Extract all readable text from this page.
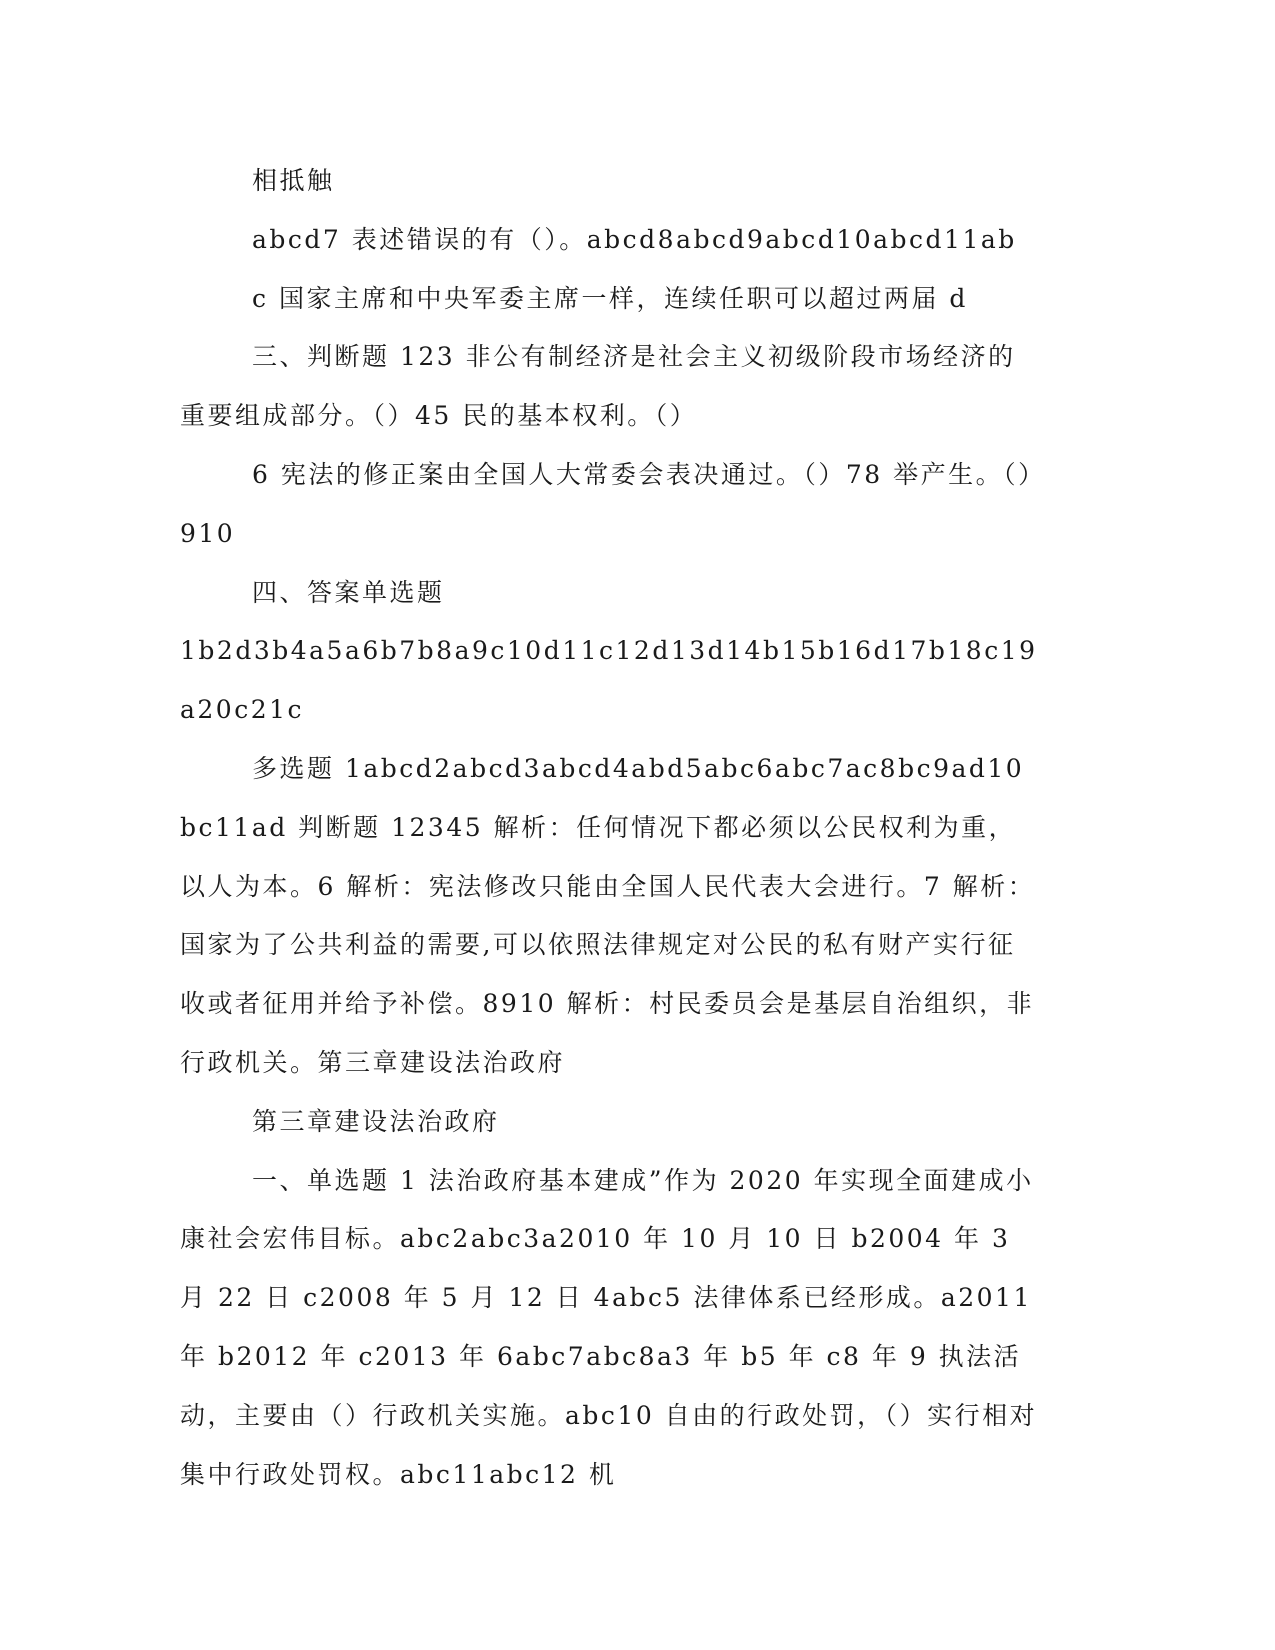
相抵触

abcd7 表述错误的有（）。abcd8abcd9abcd10abcd11ab

c 国家主席和中央军委主席一样，连续任职可以超过两届 d

三、判断题 123 非公有制经济是社会主义初级阶段市场经济的重要组成部分。（）45 民的基本权利。（）

6 宪法的修正案由全国人大常委会表决通过。（）78 举产生。（）910

四、答案单选题

1b2d3b4a5a6b7b8a9c10d11c12d13d14b15b16d17b18c19a20c21c

多选题 1abcd2abcd3abcd4abd5abc6abc7ac8bc9ad10bc11ad 判断题 12345 解析：任何情况下都必须以公民权利为重，以人为本。6 解析：宪法修改只能由全国人民代表大会进行。7 解析：国家为了公共利益的需要,可以依照法律规定对公民的私有财产实行征收或者征用并给予补偿。8910 解析：村民委员会是基层自治组织，非行政机关。第三章建设法治政府

第三章建设法治政府

一、单选题 1 法治政府基本建成”作为 2020 年实现全面建成小康社会宏伟目标。abc2abc3a2010 年 10 月 10 日 b2004 年 3 月 22 日 c2008 年 5 月 12 日 4abc5 法律体系已经形成。a2011 年 b2012 年 c2013 年 6abc7abc8a3 年 b5 年 c8 年 9 执法活动，主要由（）行政机关实施。abc10 自由的行政处罚，（）实行相对集中行政处罚权。abc11abc12 机
